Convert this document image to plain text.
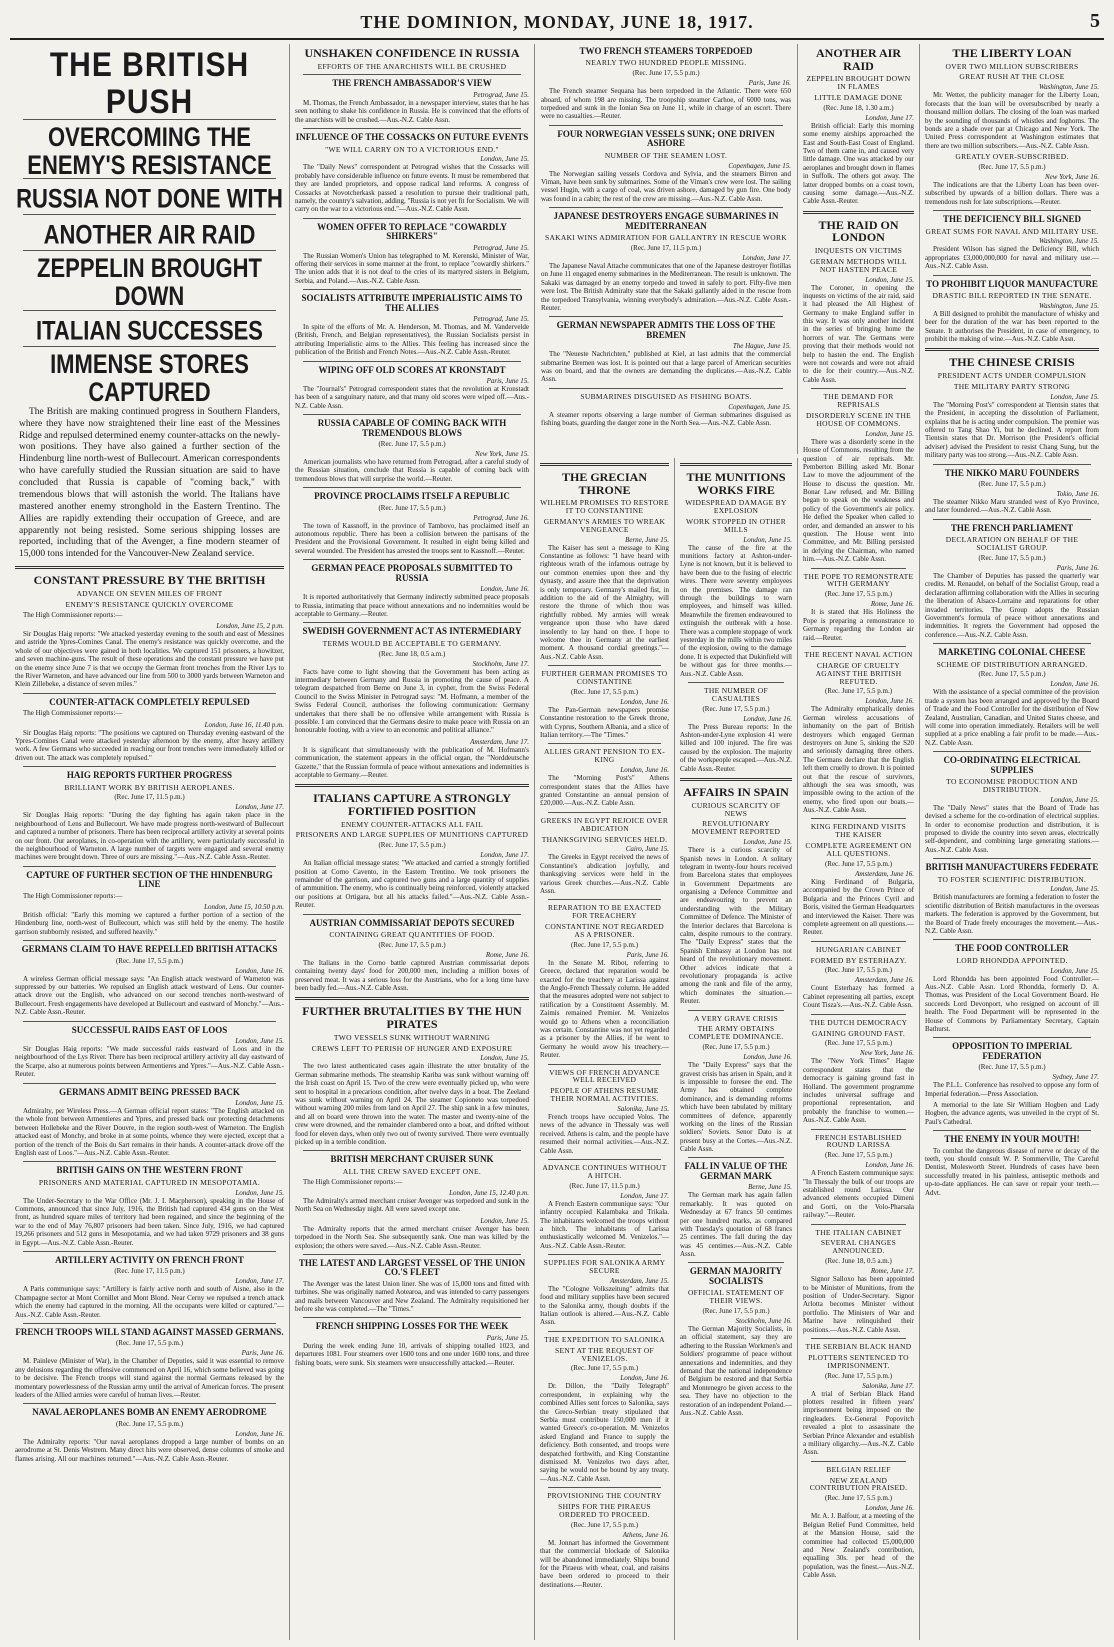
THE DOMINION, MONDAY, JUNE 18, 1917.	5
THE BRITISH PUSH
OVERCOMING THE ENEMY'S RESISTANCE
RUSSIA NOT DONE WITH
ANOTHER AIR RAID
ZEPPELIN BROUGHT DOWN
ITALIAN SUCCESSES
IMMENSE STORES CAPTURED
The British are making continued progress in Southern Flanders, where they have now straightened their line east of the Messines Ridge and repulsed determined enemy counter-attacks on the newly-won positions. They have also gained a further section of the Hindenburg line north-west of Bullecourt. American correspondents who have carefully studied the Russian situation are said to have concluded that Russia is capable of "coming back," with tremendous blows that will astonish the world. The Italians have mastered another enemy stronghold in the Eastern Trentino. The Allies are rapidly extending their occupation of Greece, and are apparently not being resisted. Some serious shipping losses are reported, including that of the Avenger, a fine modern steamer of 15,000 tons intended for the Vancouver-New Zealand service.
CONSTANT PRESSURE BY THE BRITISH
ADVANCE ON SEVEN MILES OF FRONT
ENEMY'S RESISTANCE QUICKLY OVERCOME
The High Commissioner reports:—
London, June 15, 2 p.m.
Sir Douglas Haig reports: "We attacked yesterday evening to the south and east of Messines and astride the Ypres-Comines Canal. The enemy's resistance was quickly overcome, and the whole of our objectives were gained in both localities. We captured 151 prisoners, a howitzer, and seven machine-guns. The result of these operations and the constant pressure we have put on the enemy since June 7 is that we occupy the German front trenches from the River Lys to the River Warneton, and have advanced our line from 500 to 3000 yards between Warneton and Klein Zillebeke, a distance of seven miles."
COUNTER-ATTACK COMPLETELY REPULSED
The High Commissioner reports:—
London, June 16, 11.40 p.m.
Sir Douglas Haig reports: "The positions we captured on Thursday evening eastward of the Ypres-Comines Canal were attacked yesterday afternoon by the enemy, after heavy artillery work. A few Germans who succeeded in reaching our front trenches were immediately killed or driven out. The attack was completely repulsed."
HAIG REPORTS FURTHER PROGRESS
BRILLIANT WORK BY BRITISH AEROPLANES.
(Rec. June 17, 11.5 p.m.)
London, June 17.
Sir Douglas Haig reports: "During the day fighting has again taken place in the neighbourhood of Lens and Bullecourt. We have made progress north-westward of Bullecourt and captured a number of prisoners. There has been reciprocal artillery activity at several points on our front. Our aeroplanes, in co-operation with the artillery, were particularly successful in the neighbourhood of Warneton. A large number of targets were engaged and several enemy machines were brought down. Three of ours are missing."—Aus.-N.Z. Cable Assn.-Reuter.
CAPTURE OF FURTHER SECTION OF THE HINDENBURG LINE
The High Commissioner reports:—
London, June 15, 10.50 p.m.
British official: "Early this morning we captured a further portion of a section of the Hindenburg line, north-west of Bullecourt, which was still held by the enemy. The hostile garrison stubbornly resisted, and suffered heavily."
GERMANS CLAIM TO HAVE REPELLED BRITISH ATTACKS
(Rec. June 17, 5.5 p.m.)
London, June 16.
A wireless German official message says: "An English attack westward of Warneton was suppressed by our batteries. We repulsed an English attack westward of Lens. Our counter-attack drove out the English, who advanced on our second trenches north-westward of Bullecourt. Fresh engagements have developed at Bullecourt and eastward of Monchy."—Aus.-N.Z. Cable Assn.-Reuter.
SUCCESSFUL RAIDS EAST OF LOOS
London, June 15.
Sir Douglas Haig reports: "We made successful raids eastward of Loos and in the neighbourhood of the Lys River. There has been reciprocal artillery activity all day eastward of the Scarpe, also at numerous points between Armentieres and Ypres."—Aus.-N.Z. Cable Assn.-Reuter.
GERMANS ADMIT BEING PRESSED BACK
London, June 15.
Admiralty, per Wireless Press.—A German official report states: "The English attacked on the whole front between Armentieres and Ypres, and pressed back our protecting detachments between Hollebeke and the River Douvre, in the region south-west of Warneton. The English attacked east of Monchy, and broke in at some points, whence they were ejected, except that a portion of the trench of the Bois du Sart remains in their hands. A counter-attack drove off the English east of Loos."—Aus.-N.Z. Cable Assn.-Reuter.
BRITISH GAINS ON THE WESTERN FRONT
PRISONERS AND MATERIAL CAPTURED IN MESOPOTAMIA.
London, June 15.
The Under-Secretary to the War Office (Mr. J. I. Macpherson), speaking in the House of Commons, announced that since July, 1916, the British had captured 434 guns on the West front, as hundred square miles of territory had been regained, and since the beginning of the war to the end of May 76,807 prisoners had been taken. Since July, 1916, we had captured 19,266 prisoners and 512 guns in Mesopotamia, and we had taken 9729 prisoners and 38 guns in Egypt.—Aus.-N.Z. Cable Assn.-Reuter.
ARTILLERY ACTIVITY ON FRENCH FRONT
(Rec. June 17, 11.5 p.m.)
London, June 17.
A Paris communique says: "Artillery is fairly active north and south of Aisne, also in the Champagne sector at Mont Cornillet and Mont Blond. Near Cerny we repulsed a trench attack which the enemy had captured in the morning. All the occupants were killed or captured."—Aus.-N.Z. Cable Assn.-Reuter.
FRENCH TROOPS WILL STAND AGAINST MASSED GERMANS.
(Rec. June 17, 5.5 p.m.)
Paris, June 16.
M. Painleve (Minister of War), in the Chamber of Deputies, said it was essential to remove any delusions regarding the offensive commenced on April 16, which some believed was going to be decisive. The French troops will stand against the normal Germans released by the momentary powerlessness of the Russian army until the arrival of American forces. The present leaders of the Allied armies were careful of human lives.—Reuter.
NAVAL AEROPLANES BOMB AN ENEMY AERODROME
(Rec. June 17, 5.5 p.m.)
London, June 16.
The Admiralty reports: "Our naval aeroplanes dropped a large number of bombs on an aerodrome at St. Denis Westrem. Many direct hits were observed, dense columns of smoke and flames arising. All our machines returned."—Aus.-N.Z. Cable Assn.-Reuter.
UNSHAKEN CONFIDENCE IN RUSSIA
EFFORTS OF THE ANARCHISTS WILL BE CRUSHED
THE FRENCH AMBASSADOR'S VIEW
Petrograd, June 15.
M. Thomas, the French Ambassador, in a newspaper interview, states that he has seen nothing to shake his confidence in Russia. He is convinced that the efforts of the anarchists will be crushed.—Aus.-N.Z. Cable Assn.
INFLUENCE OF THE COSSACKS ON FUTURE EVENTS
"WE WILL CARRY ON TO A VICTORIOUS END."
London, June 15.
The "Daily News" correspondent at Petrograd wishes that the Cossacks will probably have considerable influence on future events. It must be remembered that they are landed proprietors, and oppose radical land reforms. A congress of Cossacks at Novotcherkask passed a resolution to pursue their traditional path, namely, the country's salvation, adding, "Russia is not yet fit for Socialism. We will carry on the war to a victorious end."—Aus.-N.Z. Cable Assn.
WOMEN OFFER TO REPLACE "COWARDLY SHIRKERS"
Petrograd, June 15.
The Russian Women's Union has telegraphed to M. Kerenski, Minister of War, offering their services in some manner at the front, to replace "cowardly shirkers." The union adds that it is not deaf to the cries of its martyred sisters in Belgium, Serbia, and Poland.—Aus.-N.Z. Cable Assn.
SOCIALISTS ATTRIBUTE IMPERIALISTIC AIMS TO THE ALLIES
Petrograd, June 15.
In spite of the efforts of Mr. A. Henderson, M. Thomas, and M. Vandervelde (British, French, and Belgian representatives), the Russian Socialists persist in attributing Imperialistic aims to the Allies. This feeling has increased since the publication of the British and French Notes.—Aus.-N.Z. Cable Assn.-Reuter.
WIPING OFF OLD SCORES AT KRONSTADT
Paris, June 15.
The "Journal's" Petrograd correspondent states that the revolution at Kronstadt has been of a sanguinary nature, and that many old scores were wiped off.—Aus.-N.Z. Cable Assn.
RUSSIA CAPABLE OF COMING BACK WITH TREMENDOUS BLOWS
(Rec. June 17, 5.5 p.m.)
New York, June 15.
American journalists who have returned from Petrograd, after a careful study of the Russian situation, conclude that Russia is capable of coming back with tremendous blows that will surprise the world.—Reuter.
PROVINCE PROCLAIMS ITSELF A REPUBLIC
(Rec. June 17, 5.5 p.m.)
Petrograd, June 16.
The town of Kassnoff, in the province of Tambovo, has proclaimed itself an autonomous republic. There has been a collision between the partisans of the President and the Provisional Government. It resulted in eight being killed and several wounded. The President has arrested the troops sent to Kassnoff.—Reuter.
GERMAN PEACE PROPOSALS SUBMITTED TO RUSSIA
London, June 16.
It is reported authoritatively that Germany indirectly submitted peace proposals to Russia, intimating that peace without annexations and no indemnities would be acceptable to Germany.—Reuter.
SWEDISH GOVERNMENT ACT AS INTERMEDIARY
TERMS WOULD BE ACCEPTABLE TO GERMANY.
(Rec. June 18, 0.5 a.m.)
Stockholm, June 17.
Facts have come to light showing that the Government has been acting as intermediary between Germany and Russia in promoting the cause of peace. A telegram despatched from Berne on June 3, in cypher, from the Swiss Federal Council to the Swiss Minister in Petrograd says: "M. Hofmann, a member of the Swiss Federal Council, authorises the following communication: Germany undertakes that there shall be no offensive while arrangement with Russia is possible. I am convinced that the Germans desire to make peace with Russia on an honourable footing, with a view to an economic and political alliance."
Amsterdam, June 17.
It is significant that simultaneously with the publication of M. Hofmann's communication, the statement appears in the official organ, the "Norddeutsche Gazette," that the Russian formula of peace without annexations and indemnities is acceptable to Germany.—Reuter.
ITALIANS CAPTURE A STRONGLY FORTIFIED POSITION
ENEMY COUNTER-ATTACKS ALL FAIL
PRISONERS AND LARGE SUPPLIES OF MUNITIONS CAPTURED
(Rec. June 17, 5.5 p.m.)
London, June 17.
An Italian official message states: "We attacked and carried a strongly fortified position at Corno Cavento, in the Eastern Trentino. We took prisoners the remainder of the garrison, and captured two guns and a large quantity of supplies of ammunition. The enemy, who is continually being reinforced, violently attacked our positions at Ortigara, but all his attacks failed."—Aus.-N.Z. Cable Assn.-Reuter.
AUSTRIAN COMMISSARIAT DEPOTS SECURED
CONTAINING GREAT QUANTITIES OF FOOD.
(Rec. June 17, 5.5 p.m.)
Rome, June 16.
The Italians in the Corno battle captured Austrian commissariat depots containing twenty days' food for 200,000 men, including a million boxes of preserved meat. It was a serious loss for the Austrians, who for a long time have been badly fed.—Aus.-N.Z. Cable Assn.
FURTHER BRUTALITIES BY THE HUN PIRATES
TWO VESSELS SUNK WITHOUT WARNING
CREWS LEFT TO PERISH OF HUNGER AND EXPOSURE
London, June 15.
The two latest authenticated cases again illustrate the utter brutality of the German submarine methods. The steamship Kariba was sunk without warning off the Irish coast on April 15. Two of the crew were eventually picked up, who were sent to hospital in a precarious condition, after twelve days in a boat. The Zeeland was sunk without warning on April 24. The steamer Copioneto was torpedoed without warning 200 miles from land on April 27. The ship sank in a few minutes, and all on board were thrown into the water. The master and twenty-nine of the crew were drowned, and the remainder clambered onto a boat, and drifted without food for eleven days, when only two out of twenty survived. There were eventually picked up in a terrible condition.
BRITISH MERCHANT CRUISER SUNK
ALL THE CREW SAVED EXCEPT ONE.
The High Commissioner reports:—
London, June 15, 12.40 p.m.
The Admiralty's armed merchant cruiser Avenger was torpedoed and sunk in the North Sea on Wednesday night. All were saved except one.
London, June 15.
The Admiralty reports that the armed merchant cruiser Avenger has been torpedoed in the North Sea. She subsequently sank. One man was killed by the explosion; the others were saved.—Aus.-N.Z. Cable Assn.-Reuter.
THE LATEST AND LARGEST VESSEL OF THE UNION CO.'S FLEET
The Avenger was the latest Union liner. She was of 15,000 tons and fitted with turbines. She was originally named Aotearoa, and was intended to carry passengers and mails between Vancouver and New Zealand. The Admiralty requisitioned her before she was completed.—The "Times."
FRENCH SHIPPING LOSSES FOR THE WEEK
Paris, June 15.
During the week ending June 10, arrivals of shipping totalled 1023, and departures 1081. Four steamers over 1600 tons and one under 1600 tons, and three fishing boats, were sunk. Six steamers were unsuccessfully attacked.—Reuter.
TWO FRENCH STEAMERS TORPEDOED
NEARLY TWO HUNDRED PEOPLE MISSING.
(Rec. June 17, 5.5 p.m.)
Paris, June 16.
The French steamer Sequana has been torpedoed in the Atlantic. There were 650 aboard, of whom 198 are missing. The troopship steamer Carhoe, of 6000 tons, was torpedoed and sunk in the Ionian Sea on June 11, while in charge of an escort. There were no casualties.—Reuter.
FOUR NORWEGIAN VESSELS SUNK; ONE DRIVEN ASHORE
NUMBER OF THE SEAMEN LOST.
Copenhagen, June 15.
The Norwegian sailing vessels Cordova and Sylvia, and the steamers Birren and Viman, have been sunk by submarines. Some of the Viman's crew were lost. The sailing vessel Hugin, with a cargo of coal, was driven ashore, damaged by gun fire. One body was found in a cabin; the rest of the crew are missing.—Aus.-N.Z. Cable Assn.
JAPANESE DESTROYERS ENGAGE SUBMARINES IN MEDITERRANEAN
SAKAKI WINS ADMIRATION FOR GALLANTRY IN RESCUE WORK
(Rec. June 17, 11.5 p.m.)
London, June 17.
The Japanese Naval Attache communicates that one of the Japanese destroyer flotillas on June 11 engaged enemy submarines in the Mediterranean. The result is unknown. The Sakaki was damaged by an enemy torpedo and towed in safely to port. Fifty-five men were lost. The British Admiralty state that the Sakaki gallantly aided in the rescue from the torpedoed Transylvania, winning everybody's admiration.—Aus.-N.Z. Cable Assn.-Reuter.
GERMAN NEWSPAPER ADMITS THE LOSS OF THE BREMEN
The Hague, June 15.
The "Neueste Nachrichten," published at Kiel, at last admits that the commercial submarine Bremen was lost. It is pointed out that a large parcel of American securities was on board, and that the owners are demanding the duplicates.—Aus.-N.Z. Cable Assn.
SUBMARINES DISGUISED AS FISHING BOATS.
Copenhagen, June 15.
A steamer reports observing a large number of German submarines disguised as fishing boats, guarding the danger zone in the North Sea.—Aus.-N.Z. Cable Assn.
THE GRECIAN THRONE
WILHELM PROMISES TO RESTORE IT TO CONSTANTINE
GERMANY'S ARMIES TO WREAK VENGEANCE
Berne, June 15.
The Kaiser has sent a message to King Constantine as follows: "I have heard with righteous wrath of the infamous outrage by our common enemies upon thee and thy dynasty, and assure thee that the deprivation is only temporary. Germany's mailed fist, in addition to the aid of the Almighty, will restore the throne of which thou was rightfully robbed. My armies will wreak vengeance upon those who have dared insolently to lay hand on thee. I hope to welcome thee in Germany at the earliest moment. A thousand cordial greetings."—Aus.-N.Z. Cable Assn.
FURTHER GERMAN PROMISES TO CONSTANTINE
(Rec. June 17, 5.5 p.m.)
London, June 16.
The Pan-German newspapers promise Constantine restoration to the Greek throne, with Cyprus, Southern Albania, and a slice of Italian territory.—The "Times."
ALLIES GRANT PENSION TO EX-KING
London, June 16.
The "Morning Post's" Athens correspondent states that the Allies have granted Constantine an annual pension of £20,000.—Aus.-N.Z. Cable Assn.
GREEKS IN EGYPT REJOICE OVER ABDICATION
THANKSGIVING SERVICES HELD.
Cairo, June 15.
The Greeks in Egypt received the news of Constantine's abdication joyfully, and thanksgiving services were held in the various Greek churches.—Aus.-N.Z. Cable Assn.
REPARATION TO BE EXACTED FOR TREACHERY
CONSTANTINE NOT REGARDED AS A PRISONER.
(Rec. June 17, 5.5 p.m.)
Paris, June 16.
In the Senate M. Ribot, referring to Greece, declared that reparation would be exacted for the treachery at Larissa against the Anglo-French Thessaly column. He added that the measures adopted were not subject to ratification by a Constituent Assembly. M. Zaimis remained Premier. M. Venizelos would go to Athens when a reconciliation was certain. Constantine was not yet regarded as a prisoner by the Allies, if he went to Germany he would avow his treachery.—Reuter.
VIEWS OF FRENCH ADVANCE WELL RECEIVED
PEOPLE OF ATHENS RESUME THEIR NORMAL ACTIVITIES.
Salonika, June 15.
French troops have occupied Volos. The news of the advance in Thessaly was well received. Athens is calm, and the people have resumed their normal activities.—Aus.-N.Z. Cable Assn.
ADVANCE CONTINUES WITHOUT A HITCH.
(Rec. June 17, 11.5 p.m.)
London, June 17.
A French Eastern communique says: "Our infantry occupied Kalambaka and Trikala. The inhabitants welcomed the troops without a hitch. The inhabitants of Larissa enthusiastically welcomed M. Venizelos."—Aus.-N.Z. Cable Assn.-Reuter.
SUPPLIES FOR SALONIKA ARMY SECURE
Amsterdam, June 15.
The "Cologne Volkszeitung" admits that food and military supplies have been secured to the Salonika army, though doubts if the Italian outlook is altered.—Aus.-N.Z. Cable Assn.
THE EXPEDITION TO SALONIKA
SENT AT THE REQUEST OF VENIZELOS.
(Rec. June 17, 5.5 p.m.)
London, June 16.
Dr. Dillon, the "Daily Telegraph" correspondent, in explaining why the combined Allies sent forces to Salonika, says the Greco-Serbian treaty stipulated that Serbia must contribute 150,000 men if it wanted Greece's co-operation. M. Venizelos asked England and France to supply the deficiency. Both consented, and troops were despatched forthwith, and King Constantine dismissed M. Venizelos two days after, saying he would not be bound by any treaty.—Aus.-N.Z. Cable Assn.
PROVISIONING THE COUNTRY
SHIPS FOR THE PIRAEUS ORDERED TO PROCEED.
(Rec. June 17, 5.5 p.m.)
Athens, June 16.
M. Jonnart has informed the Government that the commercial blockade of Salonika will be abandoned immediately. Ships bound for the Piraeus with wheat, coal, and raisins have been ordered to proceed to their destinations.—Reuter.
THE MUNITIONS WORKS FIRE
WIDESPREAD DAMAGE BY EXPLOSION
WORK STOPPED IN OTHER MILLS
London, June 15.
The cause of the fire at the munitions factory at Ashton-under-Lyne is not known, but it is believed to have been due to the fusing of electric wires. There were seventy employees on the premises. The damage ran through the buildings to warn employees, and himself was killed. Meanwhile the firemen endeavoured to extinguish the outbreak with a hose. There was a complete stoppage of work yesterday in the mills within two miles of the explosion, owing to the damage done. It is expected that Dukinfield will be without gas for three months.—Aus.-N.Z. Cable Assn.
THE NUMBER OF CASUALTIES
(Rec. June 17, 5.5 p.m.)
London, June 16.
The Press Bureau reports: In the Ashton-under-Lyne explosion 41 were killed and 100 injured. The fire was caused by the explosion. The majority of the workpeople escaped.—Aus.-N.Z. Cable Assn.-Reuter.
AFFAIRS IN SPAIN
CURIOUS SCARCITY OF NEWS
REVOLUTIONARY MOVEMENT REPORTED
London, June 15.
There is a curious scarcity of Spanish news in London. A solitary telegram in twenty-four hours received from Barcelona states that employees in Government Departments are organising a Defence Committee and are endeavouring to prevent an understanding with the Military Committee of Defence. The Minister of the Interior declares that Barcelona is calm, despite rumours to the contrary. The "Daily Express" states that the Spanish Embassy at London has not heard of the revolutionary movement. Other advices indicate that a revolutionary propaganda is active among the rank and file of the army, which dominates the situation.—Reuter.
A VERY GRAVE CRISIS
THE ARMY OBTAINS COMPLETE DOMINANCE.
(Rec. June 17, 5.5 p.m.)
London, June 16.
The "Daily Express" says that the gravest crisis has arisen in Spain, and it is impossible to foresee the end. The Army has obtained complete dominance, and is demanding reforms which have been tabulated by military committees of defence, apparently working on the lines of the Russian soldiers' Soviets. Senor Dato is at present busy at the Cortes.—Aus.-N.Z. Cable Assn.
FALL IN VALUE OF THE GERMAN MARK
Berne, June 15.
The German mark has again fallen remarkably. It was quoted on Wednesday at 67 francs 50 centimes per one hundred marks, as compared with Tuesday's quotation of 68 francs 25 centimes. The fall during the day was 45 centimes.—Aus.-N.Z. Cable Assn.
GERMAN MAJORITY SOCIALISTS
OFFICIAL STATEMENT OF THEIR VIEWS.
(Rec. June 17, 5.5 p.m.)
Stockholm, June 16.
The German Majority Socialists, in an official statement, say they are adhering to the Russian Workmen's and Soldiers' programme of peace without annexations and indemnities, and they demand that the national independence of Belgium be restored and that Serbia and Montenegro be given access to the sea. They have no objection to the restoration of an independent Poland.—Aus.-N.Z. Cable Assn.
ANOTHER AIR RAID
ZEPPELIN BROUGHT DOWN IN FLAMES
LITTLE DAMAGE DONE
(Rec. June 18, 1.30 a.m.)
London, June 17.
British official: Early this morning some enemy airships approached the East and South-East Coast of England. Two of them came in, and caused very little damage. One was attacked by our aeroplanes and brought down in flames in Suffolk. The others got away. The latter dropped bombs on a coast town, causing some damage.—Aus.-N.Z. Cable Assn.-Reuter.
THE RAID ON LONDON
INQUESTS ON VICTIMS
GERMAN METHODS WILL NOT HASTEN PEACE
London, June 15.
The Coroner, in opening the inquests on victims of the air raid, said it had pleased the All Highest of Germany to make England suffer in this way. It was only another incident in the series of bringing home the horrors of war. The Germans were proving that their methods would not help to hasten the end. The English were not cowards and were not afraid to die for their country.—Aus.-N.Z. Cable Assn.
THE DEMAND FOR REPRISALS
DISORDERLY SCENE IN THE HOUSE OF COMMONS.
London, June 15.
There was a disorderly scene in the House of Commons, resulting from the question of air reprisals. Mr. Pemberton Billing asked Mr. Bonar Law to move the adjournment of the House to discuss the question. Mr. Bonar Law refused, and Mr. Billing began to speak on the weakness and policy of the Government's air policy. He defied the Speaker when called to order, and demanded an answer to his question. The House went into Committee, and Mr. Billing persisted in defying the Chairman, who named him.—Aus.-N.Z. Cable Assn.
THE POPE TO REMONSTRATE WITH GERMANY
(Rec. June 17, 5.5 p.m.)
Rome, June 16.
It is stated that His Holiness the Pope is preparing a remonstrance to Germany regarding the London air raid.—Reuter.
THE RECENT NAVAL ACTION
CHARGE OF CRUELTY AGAINST THE BRITISH REFUTED.
(Rec. June 17, 5.5 p.m.)
London, June 16.
The Admiralty emphatically denies German wireless accusations of inhumanity on the part of British destroyers which engaged German destroyers on June 5, sinking the S20 and seriously damaging three others. The Germans declare that the English left them cruelly to drown. It is pointed out that the rescue of survivors, although the sea was smooth, was impossible owing to the action of the enemy, who fired upon our boats.—Aus.-N.Z. Cable Assn.
KING FERDINAND VISITS THE KAISER
COMPLETE AGREEMENT ON ALL QUESTIONS.
(Rec. June 17, 5.5 p.m.)
Amsterdam, June 16.
King Ferdinand of Bulgaria, accompanied by the Crown Prince of Bulgaria and the Princes Cyril and Boris, visited the German Headquarters and interviewed the Kaiser. There was complete agreement on all questions.—Reuter.
HUNGARIAN CABINET
FORMED BY ESTERHAZY.
(Rec. June 17, 5.5 p.m.)
Amsterdam, June 16.
Count Esterhazy has formed a Cabinet representing all parties, except Count Tisza's.—Aus.-N.Z. Cable Assn.
THE DUTCH DEMOCRACY
GAINING GROUND FAST.
(Rec. June 17, 5.5 p.m.)
New York, June 16.
The "New York Times" Hague correspondent states that the democracy is gaining ground fast in Holland. The government programme includes universal suffrage and proportional representation, and probably the franchise to women.—Aus.-N.Z. Cable Assn.
FRENCH ESTABLISHED ROUND LARISSA
(Rec. June 17, 5.5 p.m.)
London, June 16.
A French Eastern communique says: "In Thessaly the bulk of our troops are established round Larissa. Our advanced elements occupied Dimeni and Gorti, on the Volo-Pharsala railway."—Reuter.
THE ITALIAN CABINET
SEVERAL CHANGES ANNOUNCED.
(Rec. June 18, 0.5 a.m.)
Rome, June 17.
Signor Salloxo has been appointed to be Minister of Munitions, from the position of Under-Secretary. Signor Arlotta becomes Minister without portfolio. The Ministers of War and Marine have relinquished their positions.—Aus.-N.Z. Cable Assn.
THE SERBIAN BLACK HAND
PLOTTERS SENTENCED TO IMPRISONMENT.
(Rec. June 17, 5.5 p.m.)
Salonika, June 17.
A trial of Serbian Black Hand plotters resulted in fifteen years' imprisonment being imposed on the ringleaders. Ex-General Popovitch revealed a plot to assassinate the Serbian Prince Alexander and establish a military oligarchy.—Aus.-N.Z. Cable Assn.
BELGIAN RELIEF
NEW ZEALAND CONTRIBUTION PRAISED.
(Rec. June 17, 5.5 p.m.)
London, June 16.
Mr. A. J. Balfour, at a meeting of the Belgian Relief Fund Committee, held at the Mansion House, said the committee had collected £5,000,000 and New Zealand's contribution, equalling 30s. per head of the population, was the finest.—Aus.-N.Z. Cable Assn.
THE LIBERTY LOAN
OVER TWO MILLION SUBSCRIBERS
GREAT RUSH AT THE CLOSE
Washington, June 15.
Mr. Wetter, the publicity manager for the Liberty Loan, forecasts that the loan will be oversubscribed by nearly a thousand million dollars. The closing of the loan was marked by the sounding of thousands of whistles and foghorns. The bonds are a shade over par at Chicago and New York. The United Press correspondent at Washington estimates that there are two million subscribers.—Aus.-N.Z. Cable Assn.
GREATLY OVER-SUBSCRIBED.
(Rec. June 17, 5.5 p.m.)
New York, June 16.
The indications are that the Liberty Loan has been over-subscribed by upwards of a billion dollars. There was a tremendous rush for late subscriptions.—Reuter.
THE DEFICIENCY BILL SIGNED
GREAT SUMS FOR NAVAL AND MILITARY USE.
Washington, June 15.
President Wilson has signed the Deficiency Bill, which appropriates £3,000,000,000 for naval and military use.—Aus.-N.Z. Cable Assn.
TO PROHIBIT LIQUOR MANUFACTURE
DRASTIC BILL REPORTED IN THE SENATE.
Washington, June 15.
A Bill designed to prohibit the manufacture of whisky and beer for the duration of the war has been reported to the Senate. It authorises the President, in case of emergency, to prohibit the making of wine.—Aus.-N.Z. Cable Assn.
THE CHINESE CRISIS
PRESIDENT ACTS UNDER COMPULSION
THE MILITARY PARTY STRONG
London, June 15.
The "Morning Post's" correspondent at Tientsin states that the President, in accepting the dissolution of Parliament, explains that he is acting under compulsion. The premier was offered to Tang Shao Yi, but he declined. A report from Tientsin states that Dr. Morrison (the President's official adviser) advised the President to resist Chang Sung, but the military party was too strong.—Aus.-N.Z. Cable Assn.
THE NIKKO MARU FOUNDERS
(Rec. June 17, 5.5 p.m.)
Tokio, June 16.
The steamer Nikko Maru stranded west of Kyo Province, and later foundered.—Aus.-N.Z. Cable Assn.
THE FRENCH PARLIAMENT
DECLARATION ON BEHALF OF THE SOCIALIST GROUP.
(Rec. June 17, 5.5 p.m.)
Paris, June 16.
The Chamber of Deputies has passed the quarterly war credits. M. Renaudel, on behalf of the Socialist Group, read a declaration affirming collaboration with the Allies in securing the liberation of Alsace-Lorraine and reparations for other invaded territories. The Group adopts the Russian Government's formula of peace without annexations and indemnities. It regrets the Government had opposed the conference.—Aus.-N.Z. Cable Assn.
MARKETING COLONIAL CHEESE
SCHEME OF DISTRIBUTION ARRANGED.
(Rec. June 17, 5.5 p.m.)
London, June 16.
With the assistance of a special committee of the provision trade a system has been arranged and approved by the Board of Trade and the Food Controller for the distribution of New Zealand, Australian, Canadian, and United States cheese, and will come into operation immediately. Retailers will be well supplied at a price enabling a fair profit to be made.—Aus.-N.Z. Cable Assn.
CO-ORDINATING ELECTRICAL SUPPLIES
TO ECONOMISE PRODUCTION AND DISTRIBUTION.
London, June 15.
The "Daily News" states that the Board of Trade has devised a scheme for the co-ordination of electrical supplies. In order to economise production and distribution, it is proposed to divide the country into seven areas, electrically self-dependent, and combining large generating stations.—Aus.-N.Z. Cable Assn.
BRITISH MANUFACTURERS FEDERATE
TO FOSTER SCIENTIFIC DISTRIBUTION.
London, June 15.
British manufacturers are forming a federation to foster the scientific distribution of British manufactures in the overseas markets. The federation is approved by the Government, but the Board of Trade freely encourages the movement.—Aus.-N.Z. Cable Assn.
THE FOOD CONTROLLER
LORD RHONDDA APPOINTED.
London, June 15.
Lord Rhondda has been appointed Food Controller.—Aus.-N.Z. Cable Assn. Lord Rhondda, formerly D. A. Thomas, was President of the Local Government Board. He succeeds Lord Devonport, who resigned on account of ill health. The Food Department will be represented in the House of Commons by Parliamentary Secretary, Captain Bathurst.
OPPOSITION TO IMPERIAL FEDERATION
(Rec. June 17, 5.5 p.m.)
Sydney, June 17.
The P.L.L. Conference has resolved to oppose any form of Imperial federation.—Press Association.
A memorial to the late Sir William Hogben and Lady Hogben, the advance agents, was unveiled in the crypt of St. Paul's Cathedral.
THE ENEMY IN YOUR MOUTH!
To combat the dangerous disease of nerve or decay of the teeth, you should consult W. P. Sommerville, The Careful Dentist, Molesworth Street. Hundreds of cases have been successfully treated in his painless, antiseptic methods and up-to-date appliances. He can save or repair your teeth.—Advt.
